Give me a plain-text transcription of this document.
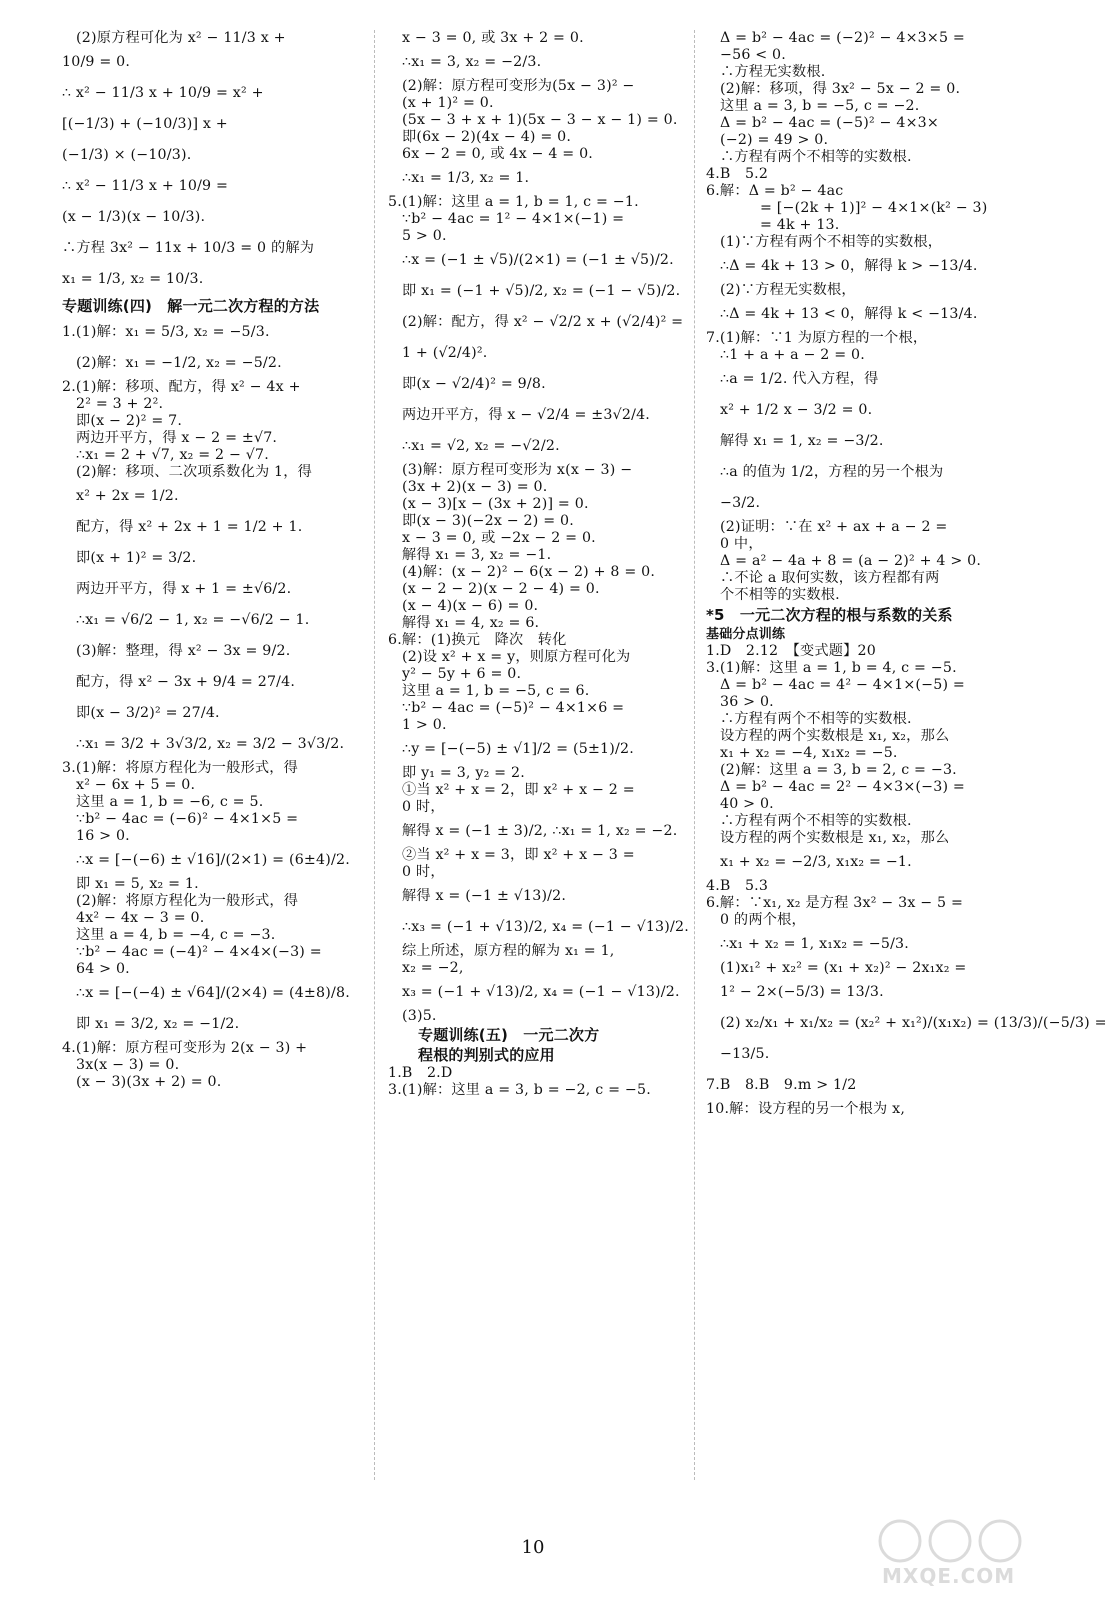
(2)原方程可化为 x² − 11/3 x +
10/9 = 0.
∴ x² − 11/3 x + 10/9 = x² +
[(−1/3) + (−10/3)] x +
(−1/3) × (−10/3).
∴ x² − 11/3 x + 10/9 =
(x − 1/3)(x − 10/3).
∴方程 3x² − 11x + 10/3 = 0 的解为
x₁ = 1/3, x₂ = 10/3.
专题训练(四)　解一元二次方程的方法
1.(1)解：x₁ = 5/3, x₂ = −5/3.
(2)解：x₁ = −1/2, x₂ = −5/2.
2.(1)解：移项、配方，得 x² − 4x +
2² = 3 + 2².
即(x − 2)² = 7.
两边开平方，得 x − 2 = ±√7.
∴x₁ = 2 + √7, x₂ = 2 − √7.
(2)解：移项、二次项系数化为 1，得
x² + 2x = 1/2.
配方，得 x² + 2x + 1 = 1/2 + 1.
即(x + 1)² = 3/2.
两边开平方，得 x + 1 = ±√6/2.
∴x₁ = √6/2 − 1, x₂ = −√6/2 − 1.
(3)解：整理，得 x² − 3x = 9/2.
配方，得 x² − 3x + 9/4 = 27/4.
即(x − 3/2)² = 27/4.
∴x₁ = 3/2 + 3√3/2, x₂ = 3/2 − 3√3/2.
3.(1)解：将原方程化为一般形式，得
x² − 6x + 5 = 0.
这里 a = 1, b = −6, c = 5.
∵b² − 4ac = (−6)² − 4×1×5 =
16 > 0.
∴x = [−(−6) ± √16]/(2×1) = (6±4)/2.
即 x₁ = 5, x₂ = 1.
(2)解：将原方程化为一般形式，得
4x² − 4x − 3 = 0.
这里 a = 4, b = −4, c = −3.
∵b² − 4ac = (−4)² − 4×4×(−3) =
64 > 0.
∴x = [−(−4) ± √64]/(2×4) = (4±8)/8.
即 x₁ = 3/2, x₂ = −1/2.
4.(1)解：原方程可变形为 2(x − 3) +
3x(x − 3) = 0.
(x − 3)(3x + 2) = 0.
x − 3 = 0, 或 3x + 2 = 0.
∴x₁ = 3, x₂ = −2/3.
(2)解：原方程可变形为(5x − 3)² −
(x + 1)² = 0.
(5x − 3 + x + 1)(5x − 3 − x − 1) = 0.
即(6x − 2)(4x − 4) = 0.
6x − 2 = 0, 或 4x − 4 = 0.
∴x₁ = 1/3, x₂ = 1.
5.(1)解：这里 a = 1, b = 1, c = −1.
∵b² − 4ac = 1² − 4×1×(−1) =
5 > 0.
∴x = (−1 ± √5)/(2×1) = (−1 ± √5)/2.
即 x₁ = (−1 + √5)/2, x₂ = (−1 − √5)/2.
(2)解：配方，得 x² − √2/2 x + (√2/4)² =
1 + (√2/4)².
即(x − √2/4)² = 9/8.
两边开平方，得 x − √2/4 = ±3√2/4.
∴x₁ = √2, x₂ = −√2/2.
(3)解：原方程可变形为 x(x − 3) −
(3x + 2)(x − 3) = 0.
(x − 3)[x − (3x + 2)] = 0.
即(x − 3)(−2x − 2) = 0.
x − 3 = 0, 或 −2x − 2 = 0.
解得 x₁ = 3, x₂ = −1.
(4)解：(x − 2)² − 6(x − 2) + 8 = 0.
(x − 2 − 2)(x − 2 − 4) = 0.
(x − 4)(x − 6) = 0.
解得 x₁ = 4, x₂ = 6.
6.解：(1)换元　降次　转化
(2)设 x² + x = y，则原方程可化为
y² − 5y + 6 = 0.
这里 a = 1, b = −5, c = 6.
∵b² − 4ac = (−5)² − 4×1×6 =
1 > 0.
∴y = [−(−5) ± √1]/2 = (5±1)/2.
即 y₁ = 3, y₂ = 2.
①当 x² + x = 2，即 x² + x − 2 =
0 时，
解得 x = (−1 ± 3)/2, ∴x₁ = 1, x₂ = −2.
②当 x² + x = 3，即 x² + x − 3 =
0 时，
解得 x = (−1 ± √13)/2.
∴x₃ = (−1 + √13)/2, x₄ = (−1 − √13)/2.
综上所述，原方程的解为 x₁ = 1,
x₂ = −2,
x₃ = (−1 + √13)/2, x₄ = (−1 − √13)/2.
(3)5.
专题训练(五)　一元二次方
程根的判别式的应用
1.B　2.D
3.(1)解：这里 a = 3, b = −2, c = −5.
Δ = b² − 4ac = (−2)² − 4×3×5 =
−56 < 0.
∴方程无实数根.
(2)解：移项，得 3x² − 5x − 2 = 0.
这里 a = 3, b = −5, c = −2.
Δ = b² − 4ac = (−5)² − 4×3×
(−2) = 49 > 0.
∴方程有两个不相等的实数根.
4.B　5.2
6.解：Δ = b² − 4ac
= [−(2k + 1)]² − 4×1×(k² − 3)
= 4k + 13.
(1)∵方程有两个不相等的实数根，
∴Δ = 4k + 13 > 0，解得 k > −13/4.
(2)∵方程无实数根，
∴Δ = 4k + 13 < 0，解得 k < −13/4.
7.(1)解：∵1 为原方程的一个根，
∴1 + a + a − 2 = 0.
∴a = 1/2. 代入方程，得
x² + 1/2 x − 3/2 = 0.
解得 x₁ = 1, x₂ = −3/2.
∴a 的值为 1/2，方程的另一个根为
−3/2.
(2)证明：∵在 x² + ax + a − 2 =
0 中，
Δ = a² − 4a + 8 = (a − 2)² + 4 > 0.
∴不论 a 取何实数，该方程都有两
个不相等的实数根.
*5　一元二次方程的根与系数的关系
基础分点训练
1.D　2.12　【变式题】20
3.(1)解：这里 a = 1, b = 4, c = −5.
Δ = b² − 4ac = 4² − 4×1×(−5) =
36 > 0.
∴方程有两个不相等的实数根.
设方程的两个实数根是 x₁, x₂，那么
x₁ + x₂ = −4, x₁x₂ = −5.
(2)解：这里 a = 3, b = 2, c = −3.
Δ = b² − 4ac = 2² − 4×3×(−3) =
40 > 0.
∴方程有两个不相等的实数根.
设方程的两个实数根是 x₁, x₂，那么
x₁ + x₂ = −2/3, x₁x₂ = −1.
4.B　5.3
6.解：∵x₁, x₂ 是方程 3x² − 3x − 5 =
0 的两个根，
∴x₁ + x₂ = 1, x₁x₂ = −5/3.
(1)x₁² + x₂² = (x₁ + x₂)² − 2x₁x₂ =
1² − 2×(−5/3) = 13/3.
(2) x₂/x₁ + x₁/x₂ = (x₂² + x₁²)/(x₁x₂) = (13/3)/(−5/3) =
−13/5.
7.B　8.B　9.m > 1/2
10.解：设方程的另一个根为 x,
10
MXQE.COM
